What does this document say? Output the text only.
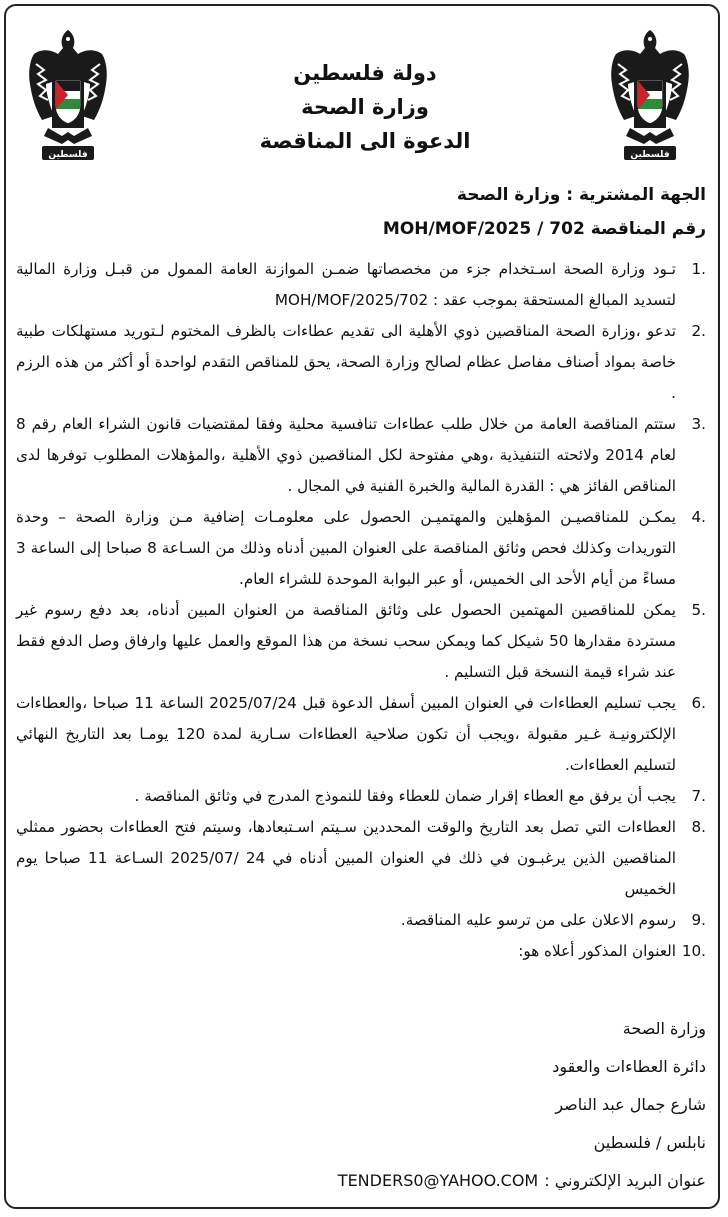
فلسطين	فلسطين
دولة فلسطين
وزارة الصحة
الدعوة الى المناقصة
الجهة المشترية : وزارة الصحة
رقم المناقصة 702 / MOH/MOF/2025
.1
تـود وزارة الصحة اسـتخدام جزء من مخصصاتها ضمـن الموازنة العامة الممول من قبـل وزارة المالية لتسديد المبالغ المستحقة بموجب عقد : MOH/MOF/2025/702
.2
تدعو ،وزارة الصحة المناقصين ذوي الأهلية الى تقديم عطاءات بالظرف المختوم لـتوريد مستهلكات طبية خاصة بمواد أصناف مفاصل عظام لصالح وزارة الصحة، يحق للمناقص التقدم لواحدة أو أكثر من هذه الرزم .
.3
ستتم المناقصة العامة من خلال طلب عطاءات تنافسية محلية وفقا لمقتضيات قانون الشراء العام رقم 8 لعام 2014 ولائحته التنفيذية ،وهي مفتوحة لكل المناقصين ذوي الأهلية ،والمؤهلات المطلوب توفرها لدى المناقص الفائز هي : القدرة المالية والخبرة الفنية في المجال .
.4
يمكـن للمناقصيـن المؤهلين والمهتميـن الحصول على معلومـات إضافية مـن وزارة الصحة – وحدة التوريدات وكذلك فحص وثائق المناقصة على العنوان المبين أدناه وذلك من السـاعة 8 صباحا إلى الساعة 3 مساءً من أيام الأحد الى الخميس، أو عبر البوابة الموحدة للشراء العام.
.5
يمكن للمناقصين المهتمين الحصول على وثائق المناقصة من العنوان المبين أدناه، بعد دفع رسوم غير مستردة مقدارها 50 شيكل كما ويمكن سحب نسخة من هذا الموقع والعمل عليها وارفاق وصل الدفع فقط عند شراء قيمة النسخة قبل التسليم .
.6
يجب تسليم العطاءات في العنوان المبين أسفل الدعوة قبل 2025/07/24 الساعة 11 صباحا ،والعطاءات الإلكترونيـة غـير مقبولة ،ويجب أن تكون صلاحية العطاءات سـارية لمدة 120 يومـا بعد التاريخ النهائي لتسليم العطاءات.
.7
يجب أن يرفق مع العطاء إقرار ضمان للعطاء وفقا للنموذج المدرج في وثائق المناقصة .
.8
العطاءات التي تصل بعد التاريخ والوقت المحددين سـيتم اسـتبعادها، وسيتم فتح العطاءات بحضور ممثلي المناقصين الذين يرغبـون في ذلك في العنوان المبين أدناه في 24 /2025/07 السـاعة 11 صباحا يوم الخميس
.9
رسوم الاعلان على من ترسو عليه المناقصة.
.10
العنوان المذكور أعلاه هو:
وزارة الصحة
دائرة العطاءات والعقود
شارع جمال عبد الناصر
نابلس / فلسطين
عنوان البريد الإلكتروني :
TENDERS0@YAHOO.COM
